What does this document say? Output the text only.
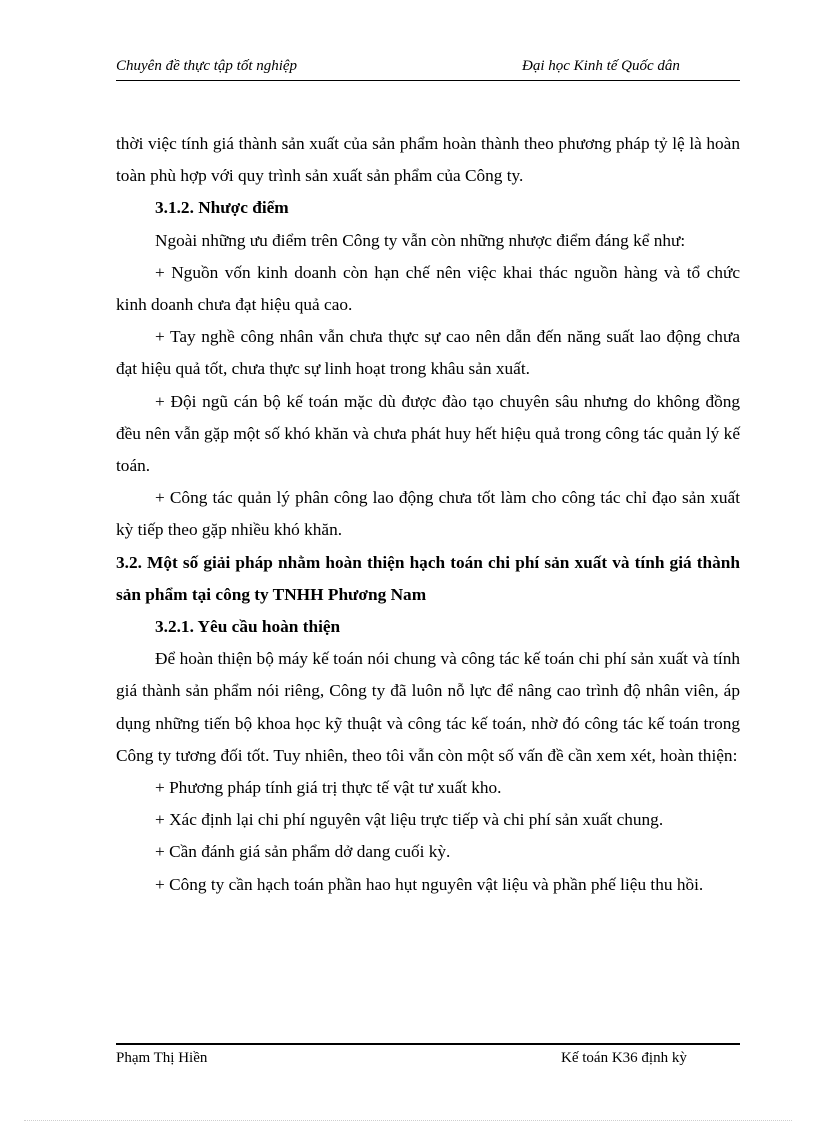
Chuyên đề thực tập tốt nghiệp	Đại học Kinh tế Quốc dân

thời việc tính giá thành sản xuất của sản phẩm hoàn thành theo phương pháp tỷ lệ là hoàn toàn phù hợp với quy trình sản xuất sản phẩm của Công ty.

3.1.2. Nhược điểm

Ngoài những ưu điểm trên Công ty vẫn còn những nhược điểm đáng kể như:

+ Nguồn vốn kinh doanh còn hạn chế nên việc khai thác nguồn hàng và tổ chức kinh doanh chưa đạt hiệu quả cao.

+ Tay nghề công nhân vẫn chưa thực sự cao nên dẫn đến năng suất lao động chưa đạt hiệu quả tốt, chưa thực sự linh hoạt trong khâu sản xuất.

+ Đội ngũ cán bộ kế toán mặc dù được đào tạo chuyên sâu nhưng do không đồng đều nên vẫn gặp một số khó khăn và chưa phát huy hết hiệu quả trong công tác quản lý kế toán.

+ Công tác quản lý phân công lao động chưa tốt làm cho công tác chỉ đạo sản xuất kỳ tiếp theo gặp nhiều khó khăn.

3.2. Một số giải pháp nhằm hoàn thiện hạch toán chi phí sản xuất và tính giá thành sản phẩm tại công ty TNHH Phương Nam

3.2.1. Yêu cầu hoàn thiện

Để hoàn thiện bộ máy kế toán nói chung và công tác kế toán chi phí sản xuất và tính giá thành sản phẩm nói riêng, Công ty đã luôn nỗ lực để nâng cao trình độ nhân viên, áp dụng những tiến bộ khoa học kỹ thuật và công tác kế toán, nhờ đó công tác kế toán trong Công ty tương đối tốt. Tuy nhiên, theo tôi vẫn còn một số vấn đề cần xem xét, hoàn thiện:

+ Phương pháp tính giá trị thực tế vật tư xuất kho.

+ Xác định lại chi phí nguyên vật liệu trực tiếp và chi phí sản xuất chung.

+ Cần đánh giá sản phẩm dở dang cuối kỳ.

+ Công ty cần hạch toán phần hao hụt nguyên vật liệu và phần phế liệu thu hồi.

Phạm Thị Hiền	Kế toán K36 định kỳ
